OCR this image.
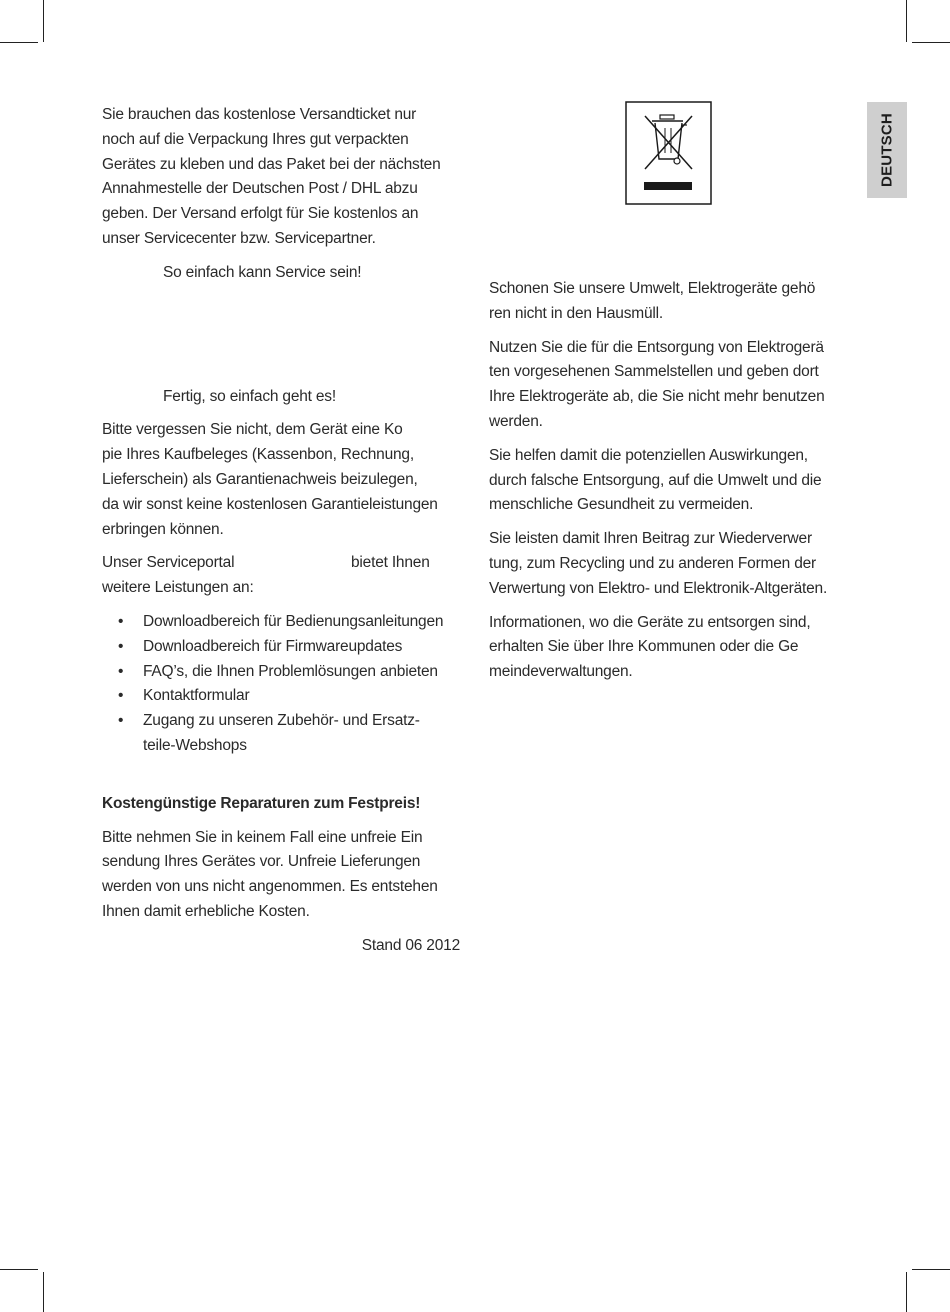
DEUTSCH
Sie brauchen das kostenlose Versandticket nur
noch auf die Verpackung Ihres gut verpackten
Gerätes zu kleben und das Paket bei der nächsten
Annahmestelle der Deutschen Post / DHL abzu
geben. Der Versand erfolgt für Sie kostenlos an
unser Servicecenter bzw. Servicepartner.
So einfach kann Service sein!
Fertig, so einfach geht es!
Bitte vergessen Sie nicht, dem Gerät eine Ko
pie Ihres Kaufbeleges (Kassenbon, Rechnung,
Lieferschein) als Garantienachweis beizulegen,
da wir sonst keine kostenlosen Garantieleistungen
erbringen können.
Unser Serviceportal	bietet Ihnen
weitere Leistungen an:
• Downloadbereich für Bedienungsanleitungen
• Downloadbereich für Firmwareupdates
• FAQ’s, die Ihnen Problemlösungen anbieten
• Kontaktformular
• Zugang zu unseren Zubehör- und Ersatz-
teile-Webshops
Kostengünstige Reparaturen zum Festpreis!
Bitte nehmen Sie in keinem Fall eine unfreie Ein
sendung Ihres Gerätes vor. Unfreie Lieferungen
werden von uns nicht angenommen. Es entstehen
Ihnen damit erhebliche Kosten.
Stand 06 2012
Schonen Sie unsere Umwelt, Elektrogeräte gehö
ren nicht in den Hausmüll.
Nutzen Sie die für die Entsorgung von Elektrogerä
ten vorgesehenen Sammelstellen und geben dort
Ihre Elektrogeräte ab, die Sie nicht mehr benutzen
werden.
Sie helfen damit die potenziellen Auswirkungen,
durch falsche Entsorgung, auf die Umwelt und die
menschliche Gesundheit zu vermeiden.
Sie leisten damit Ihren Beitrag zur Wiederverwer
tung, zum Recycling und zu anderen Formen der
Verwertung von Elektro- und Elektronik-Altgeräten.
Informationen, wo die Geräte zu entsorgen sind,
erhalten Sie über Ihre Kommunen oder die Ge
meindeverwaltungen.
